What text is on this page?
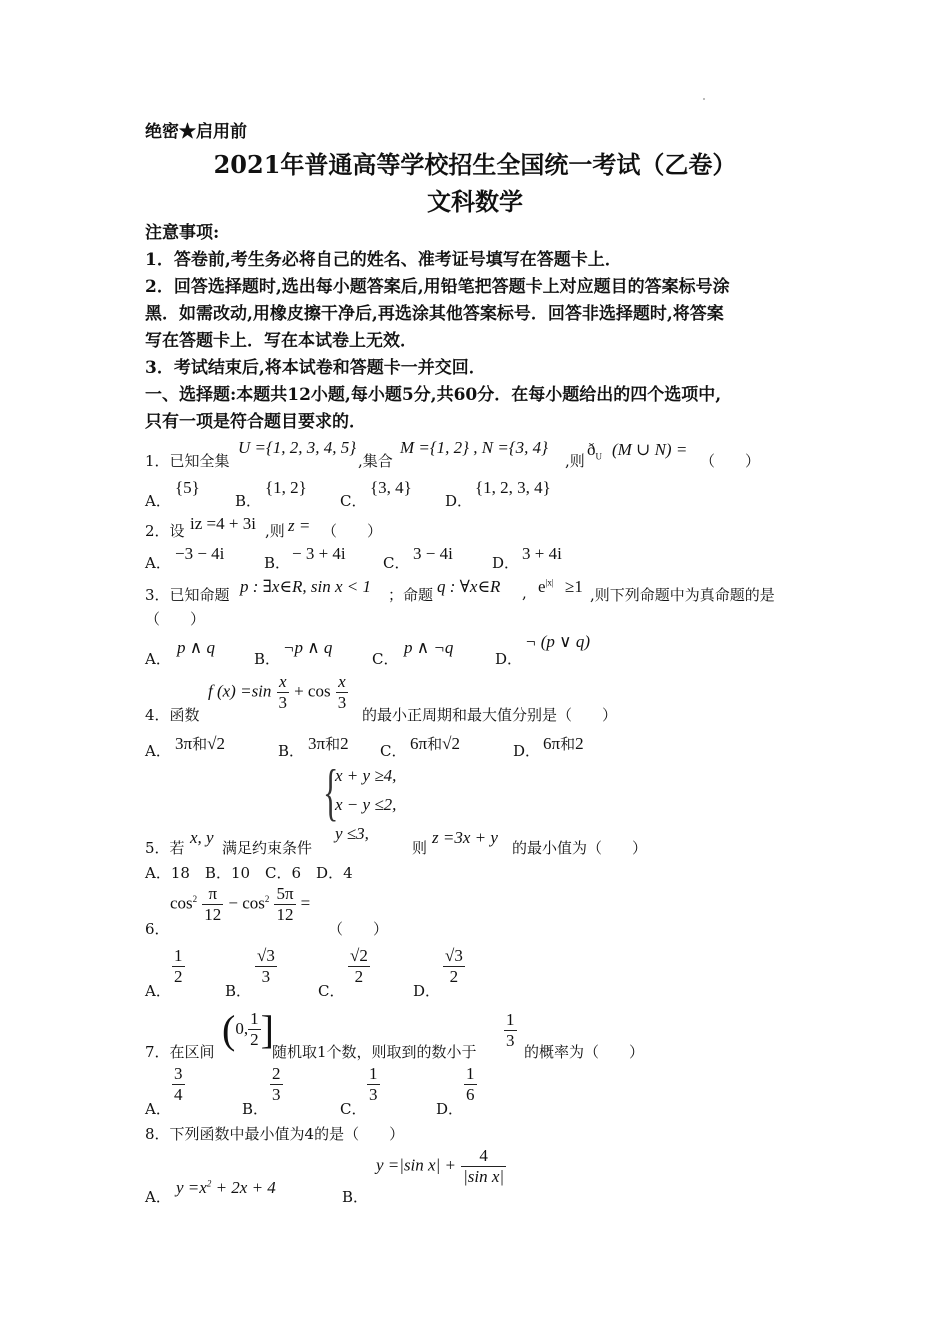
绝密★启用前
2021年普通高等学校招生全国统一考试（乙卷）
文科数学
注意事项:
1．答卷前,考生务必将自己的姓名、准考证号填写在答题卡上．
2．回答选择题时,选出每小题答案后,用铅笔把答题卡上对应题目的答案标号涂
黑．如需改动,用橡皮擦干净后,再选涂其他答案标号．回答非选择题时,将答案
写在答题卡上．写在本试卷上无效．
3．考试结束后,将本试卷和答题卡一并交回．
一、选择题:本题共12小题,每小题5分,共60分．在每小题给出的四个选项中,
只有一项是符合题目要求的．
1．已知全集
U ={1, 2, 3, 4, 5}
,集合
M ={1, 2} , N ={3, 4}
,则
$ð_U$ (M ∪ N) =
（　　）
A．
{5}
B．
{1, 2}
C．
{3, 4}
D．
{1, 2, 3, 4}
2．设 iz =4 + 3i ,则 z = （　　）
A． −3 − 4i	B． − 3 + 4i C． 3 − 4i	D． 3 + 4i
3．已知命题 p : ∃x∈R, sin x < 1 ；命题 q : ∀x∈R , $e^{|x|} \ge 1$ ,则下列命题中为真命题的是
（　　）
A．
p ∧ q
B．
¬p ∧ q
C．
p ∧ ¬q
D．
¬ (p ∨ q)
4．函数
f $(x) =\sin \frac{x}{3} + \cos \frac{x}{3}$
的最小正周期和最大值分别是（　　）
A． 3π和√2	B． 3π和2 C． 6π和√2	D． 6π和2
{
x + y ≥4,
x − y ≤2,
y ≤3,
5．若
x, y
满足约束条件	则
z =3x + y
的最小值为（　　）
A．18　B．10　C．6　D．4
$\cos^2 \frac{\pi}{12} - \cos^2 \frac{5\pi}{12}$ =
6．	（　　）
A．
$\frac{1}{2}$
B．
$\frac{√3}{3}$
C．
$\frac{√2}{2}$
D．
$\frac{√3}{2}$
7．在区间 (0, $\frac{1}{2}$ ]
随机取1个数，则取到的数小于
$\frac{1}{3}$
的概率为（　　）
A．
$\frac{3}{4}$
B．
$\frac{2}{3}$
C．
$\frac{1}{3}$
D．
$\frac{1}{6}$
8．下列函数中最小值为4的是（　　）
A． $y =x^2 + 2x + 4$	B．
y =|sin $x| + \frac{4}{\text{|sin x|}}$
